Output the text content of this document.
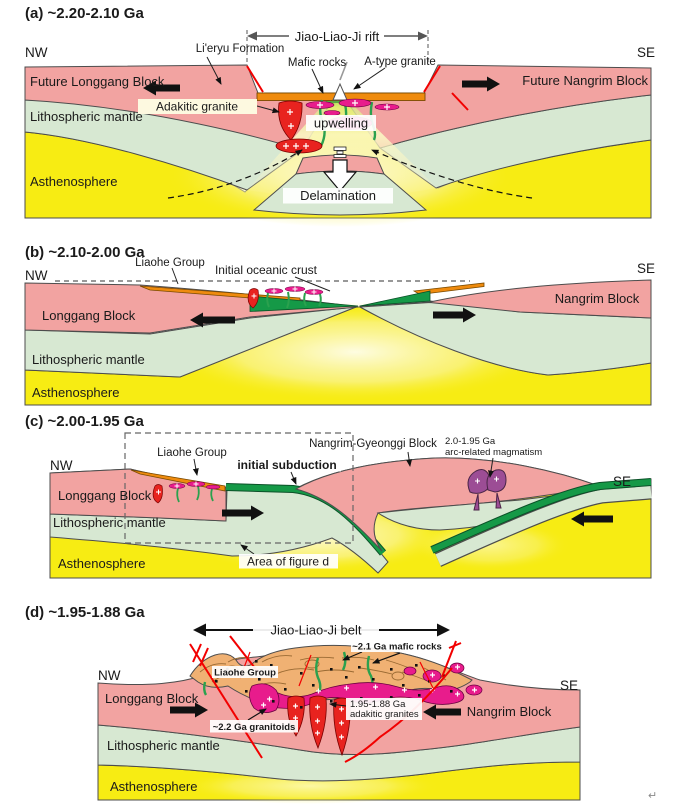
(a) ~2.20-2.10 Ga
NW	SE
Jiao-Liao-Ji rift
Li'eryu Formation
Mafic rocks A-type granite
Adakitic granite
Future Longgang Block	Future Nangrim Block
Lithospheric mantle	upwelling
Asthenosphere
Delamination
(b) ~2.10-2.00 Ga
NW	SE
Liaohe Group Initial oceanic crust
Longgang Block
Nangrim Block
Lithospheric mantle
Asthenosphere
(c) ~2.00-1.95 Ga
NW
SE
Liaohe Group
initial subduction
Nangrim-Gyeonggi Block 2.0-1.95 Ga
arc-related magmatism
Longgang Block
Lithospheric mantle
Asthenosphere	Area of figure d
(d) ~1.95-1.88 Ga
Jiao-Liao-Ji belt
~2.1 Ga mafic rocks
Liaohe Group
~2.2 Ga granitoids
1.95-1.88 Ga
adakitic granites
NW
SE
Longgang Block
Nangrim Block
Lithospheric mantle
Asthenosphere
↵
